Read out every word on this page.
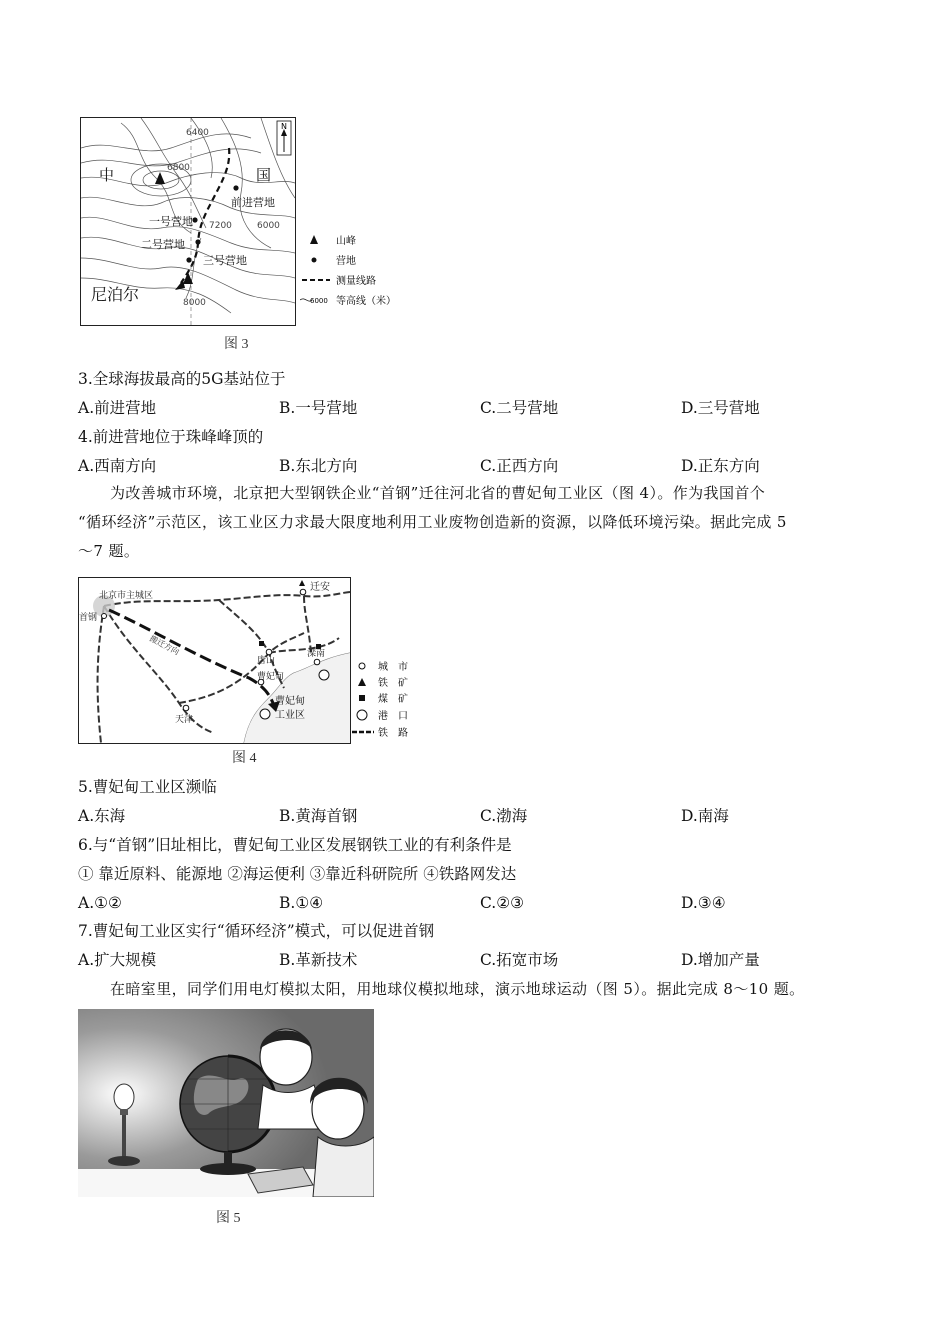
N
6400
6800
7200	6000
8000
中	国
尼泊尔
前进营地
一号营地
二号营地
三号营地
山峰
营地
测量线路
6000 等高线（米）
图 3
3.全球海拔最高的5G基站位于
A.前进营地	B.一号营地	C.二号营地	D.三号营地
4.前进营地位于珠峰峰顶的
A.西南方向	B.东北方向	C.正西方向	D.正东方向
为改善城市环境，北京把大型钢铁企业“首钢”迁往河北省的曹妃甸工业区（图 4）。作为我国首个
“循环经济”示范区，该工业区力求最大限度地利用工业废物创造新的资源，以降低环境污染。据此完成 5
～7 题。
北京市主城区
首钢
迁安
唐山
滦南
曹妃甸
天津
曹妃甸
工业区
搬迁方向
城　市
铁　矿
煤　矿
港　口
铁　路
图 4
5.曹妃甸工业区濒临
A.东海	B.黄海首钢	C.渤海	D.南海
6.与“首钢”旧址相比，曹妃甸工业区发展钢铁工业的有利条件是
① 靠近原料、能源地 ②海运便利 ③靠近科研院所 ④铁路网发达
A.①②	B.①④	C.②③	D.③④
7.曹妃甸工业区实行“循环经济”模式，可以促进首钢
A.扩大规模	B.革新技术	C.拓宽市场	D.增加产量
在暗室里，同学们用电灯模拟太阳，用地球仪模拟地球，演示地球运动（图 5）。据此完成 8～10 题。
图 5
